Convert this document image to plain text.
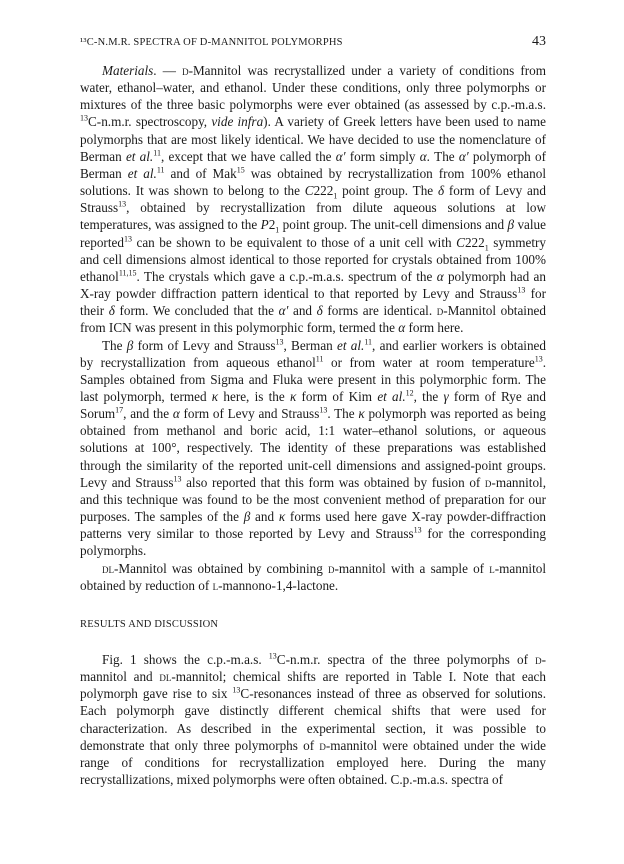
¹³C-N.M.R. SPECTRA OF D-MANNITOL POLYMORPHS	43

Materials. — d-Mannitol was recrystallized under a variety of conditions from water, ethanol–water, and ethanol. Under these conditions, only three polymorphs or mixtures of the three basic polymorphs were ever obtained (as assessed by c.p.-m.a.s. $^{13}$C-n.m.r. spectroscopy, vide infra). A variety of Greek letters have been used to name polymorphs that are most likely identical. We have decided to use the nomenclature of Berman et al.$^{11}$, except that we have called the α′ form simply α. The α′ polymorph of Berman et al.$^{11}$ and of Mak$^{15}$ was obtained by recrystallization from 100% ethanol solutions. It was shown to belong to the $C222_1$ point group. The δ form of Levy and Strauss$^{13}$, obtained by recrystallization from dilute aqueous solutions at low temperatures, was assigned to the $P2_1$ point group. The unit-cell dimensions and β value reported$^{13}$ can be shown to be equivalent to those of a unit cell with $C222_1$ symmetry and cell dimensions almost identical to those reported for crystals obtained from 100% ethanol$^{11,15}$. The crystals which gave a c.p.-m.a.s. spectrum of the α polymorph had an X-ray powder diffraction pattern identical to that reported by Levy and Strauss$^{13}$ for their δ form. We concluded that the α′ and δ forms are identical. d-Mannitol obtained from ICN was present in this polymorphic form, termed the α form here.

The β form of Levy and Strauss$^{13}$, Berman et al.$^{11}$, and earlier workers is obtained by recrystallization from aqueous ethanol$^{11}$ or from water at room temperature$^{13}$. Samples obtained from Sigma and Fluka were present in this polymorphic form. The last polymorph, termed κ here, is the κ form of Kim et al.$^{12}$, the γ form of Rye and Sorum$^{17}$, and the α form of Levy and Strauss$^{13}$. The κ polymorph was reported as being obtained from methanol and boric acid, 1:1 water–ethanol solutions, or aqueous solutions at 100°, respectively. The identity of these preparations was established through the similarity of the reported unit-cell dimensions and assigned-point groups. Levy and Strauss$^{13}$ also reported that this form was obtained by fusion of d-mannitol, and this technique was found to be the most convenient method of preparation for our purposes. The samples of the β and κ forms used here gave X-ray powder-diffraction patterns very similar to those reported by Levy and Strauss$^{13}$ for the corresponding polymorphs.

dl-Mannitol was obtained by combining d-mannitol with a sample of l-mannitol obtained by reduction of l-mannono-1,4-lactone.

RESULTS AND DISCUSSION

Fig. 1 shows the c.p.-m.a.s. $^{13}$C-n.m.r. spectra of the three polymorphs of d-mannitol and dl-mannitol; chemical shifts are reported in Table I. Note that each polymorph gave rise to six $^{13}$C-resonances instead of three as observed for solutions. Each polymorph gave distinctly different chemical shifts that were used for characterization. As described in the experimental section, it was possible to demonstrate that only three polymorphs of d-mannitol were obtained under the wide range of conditions for recrystallization employed here. During the many recrystallizations, mixed polymorphs were often obtained. C.p.-m.a.s. spectra of
